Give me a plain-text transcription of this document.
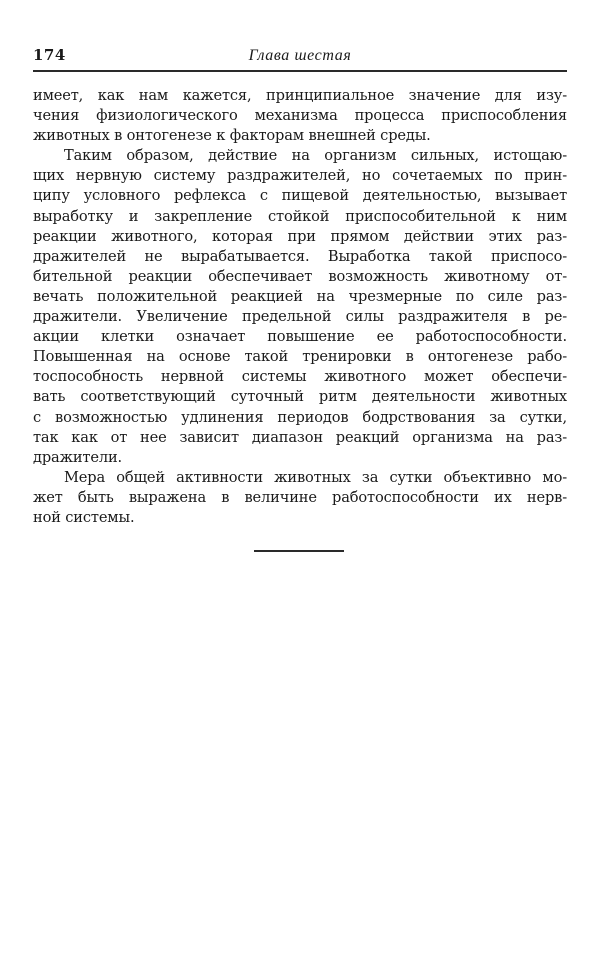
174	Глава шестая

имеет, как нам кажется, принципиальное значение для изу-
чения физиологического механизма процесса приспособления
животных в онтогенезе к факторам внешней среды.

Таким образом, действие на организм сильных, истощаю-
щих нервную систему раздражителей, но сочетаемых по прин-
ципу условного рефлекса с пищевой деятельностью, вызывает
выработку и закрепление стойкой приспособительной к ним
реакции животного, которая при прямом действии этих раз-
дражителей не вырабатывается. Выработка такой приспосо-
бительной реакции обеспечивает возможность животному от-
вечать положительной реакцией на чрезмерные по силе раз-
дражители. Увеличение предельной силы раздражителя в ре-
акции клетки означает повышение ее работоспособности.
Повышенная на основе такой тренировки в онтогенезе рабо-
тоспособность нервной системы животного может обеспечи-
вать соответствующий суточный ритм деятельности животных
с возможностью удлинения периодов бодрствования за сутки,
так как от нее зависит диапазон реакций организма на раз-
дражители.

Мера общей активности животных за сутки объективно мо-
жет быть выражена в величине работоспособности их нерв-
ной системы.
